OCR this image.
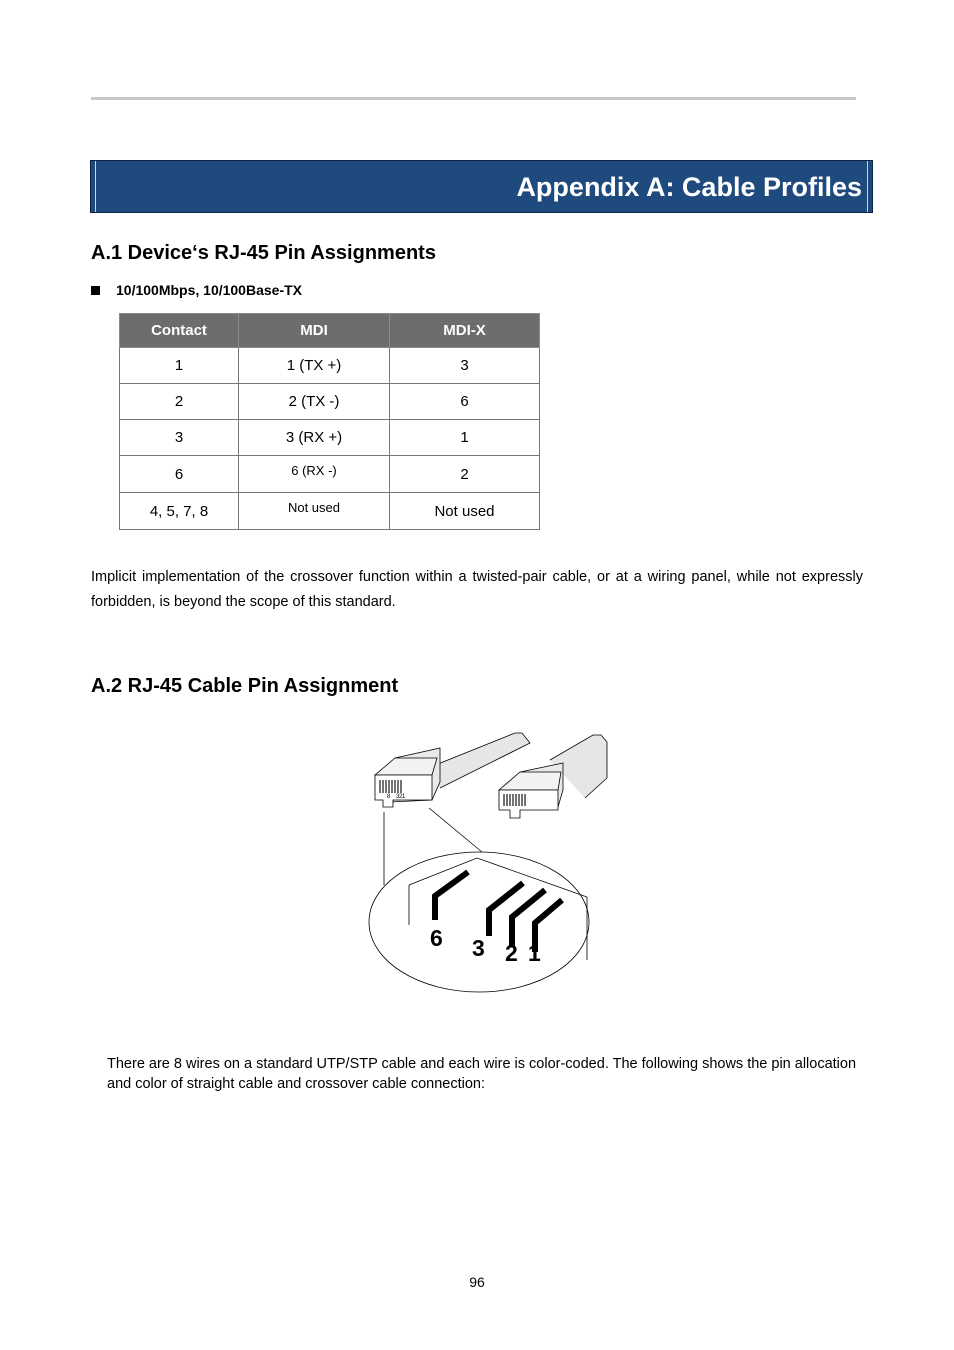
Appendix A: Cable Profiles
A.1 Device‘s RJ-45 Pin Assignments
10/100Mbps, 10/100Base-TX
Contact	MDI	MDI-X
1	1 (TX +)	3
2	2 (TX -)	6
3	3 (RX +)	1
6	6 (RX -)	2
4, 5, 7, 8	Not used	Not used

Implicit implementation of the crossover function within a twisted-pair cable, or at a wiring panel, while not expressly forbidden, is beyond the scope of this standard.

A.2 RJ-45 Cable Pin Assignment
8 3 2 1
6 3 2 1

There are 8 wires on a standard UTP/STP cable and each wire is color-coded. The following shows the pin allocation and color of straight cable and crossover cable connection:

96
